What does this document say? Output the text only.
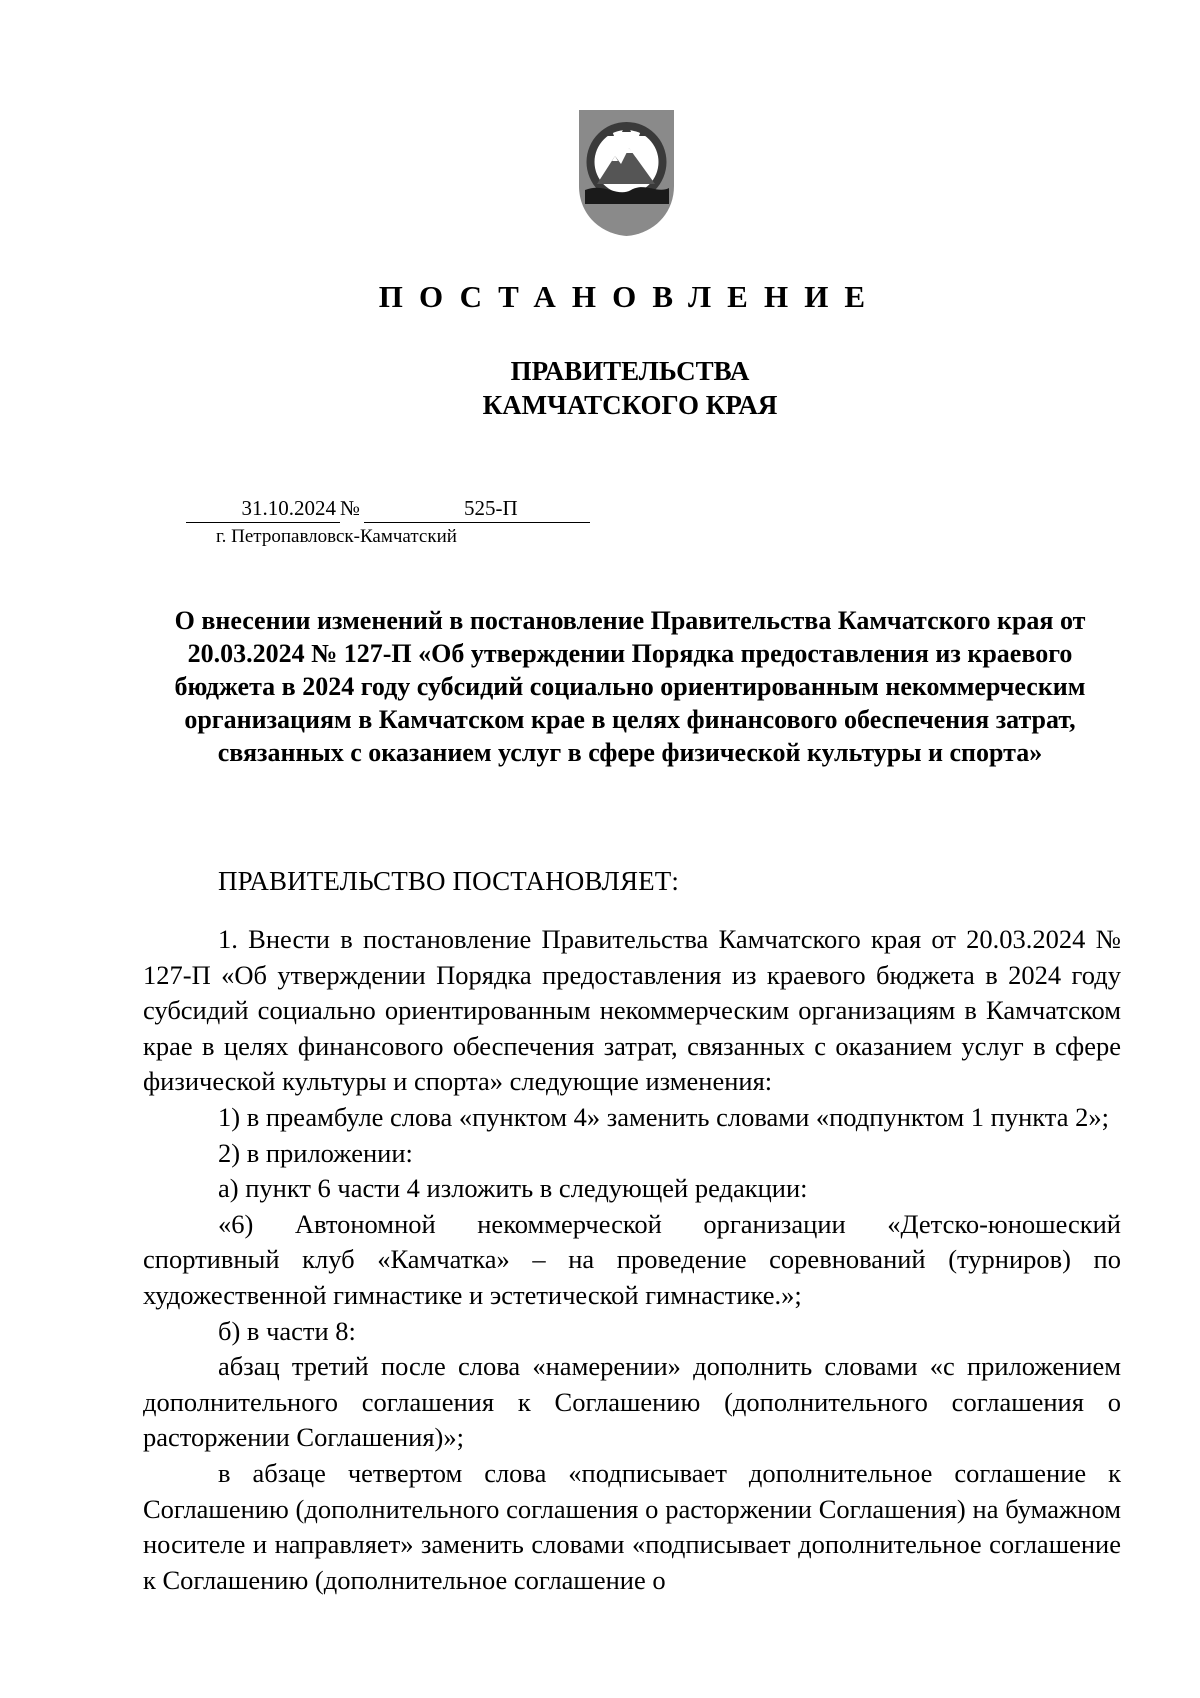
ПОСТАНОВЛЕНИЕ
ПРАВИТЕЛЬСТВА
КАМЧАТСКОГО КРАЯ
31.10.2024 №	525-П
г. Петропавловск-Камчатский

О внесении изменений в постановление Правительства Камчатского края от 20.03.2024 № 127-П «Об утверждении Порядка предоставления из краевого бюджета в 2024 году субсидий социально ориентированным некоммерческим организациям в Камчатском крае в целях финансового обеспечения затрат, связанных с оказанием услуг в сфере физической культуры и спорта»

ПРАВИТЕЛЬСТВО ПОСТАНОВЛЯЕТ:

1. Внести в постановление Правительства Камчатского края от 20.03.2024 № 127-П «Об утверждении Порядка предоставления из краевого бюджета в 2024 году субсидий социально ориентированным некоммерческим организациям в Камчатском крае в целях финансового обеспечения затрат, связанных с оказанием услуг в сфере физической культуры и спорта» следующие изменения:

1) в преамбуле слова «пунктом 4» заменить словами «подпунктом 1 пункта 2»;

2) в приложении:

а) пункт 6 части 4 изложить в следующей редакции:

«6) Автономной некоммерческой организации «Детско-юношеский спортивный клуб «Камчатка» – на проведение соревнований (турниров) по художественной гимнастике и эстетической гимнастике.»;

б) в части 8:

абзац третий после слова «намерении» дополнить словами «с приложением дополнительного соглашения к Соглашению (дополнительного соглашения о расторжении Соглашения)»;

в абзаце четвертом слова «подписывает дополнительное соглашение к Соглашению (дополнительного соглашения о расторжении Соглашения) на бумажном носителе и направляет» заменить словами «подписывает дополнительное соглашение к Соглашению (дополнительное соглашение о
